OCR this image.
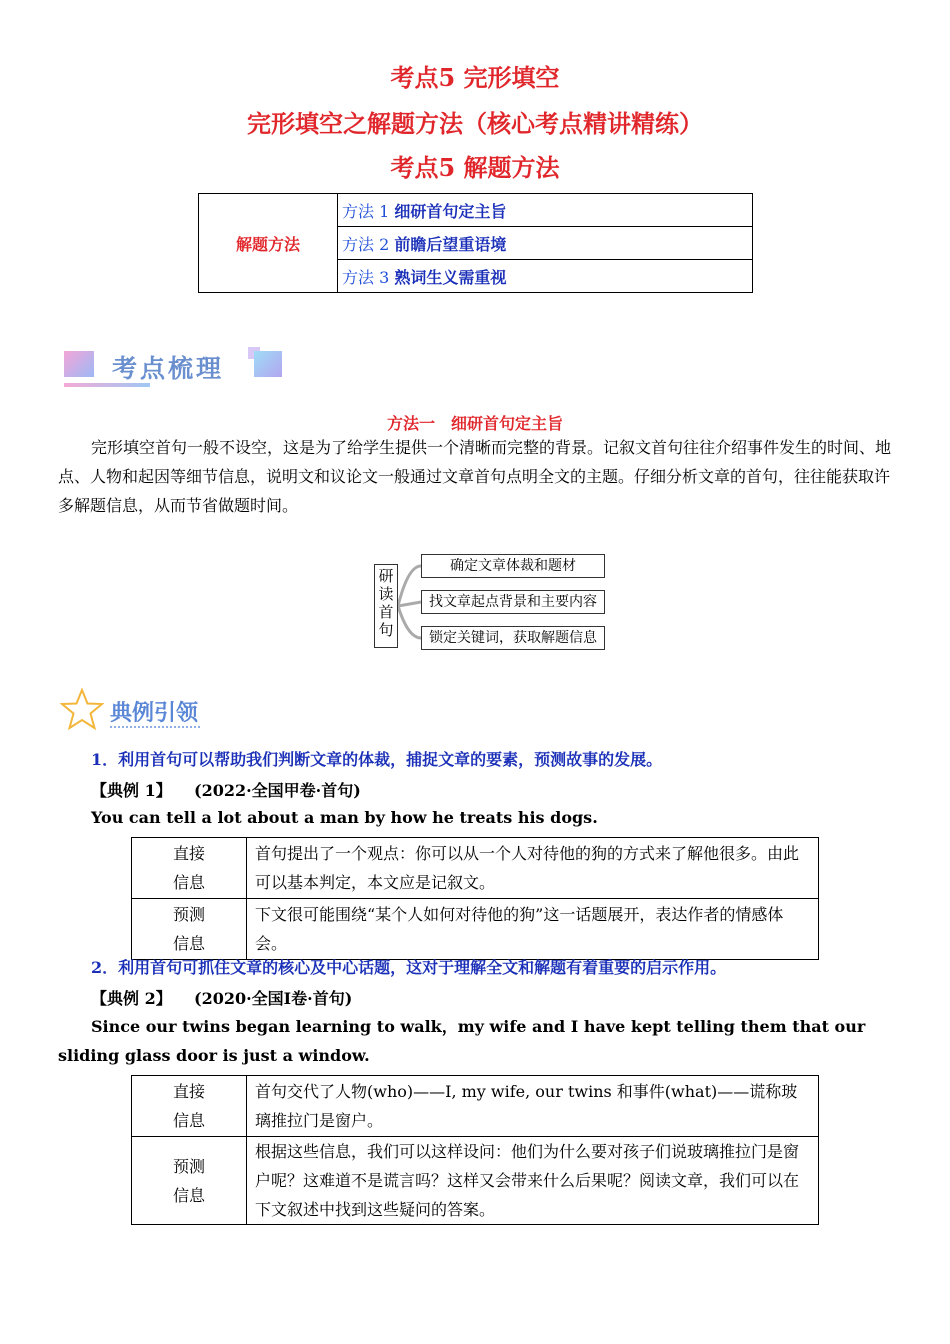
考点5 完形填空
完形填空之解题方法（核心考点精讲精练）
考点5 解题方法
解题方法	方法 1 细研首句定主旨
方法 2 前瞻后望重语境
方法 3 熟词生义需重视
考点梳理
方法一　细研首句定主旨
完形填空首句一般不设空，这是为了给学生提供一个清晰而完整的背景。记叙文首句往往介绍事件发生的时间、地点、人物和起因等细节信息，说明文和议论文一般通过文章首句点明全文的主题。仔细分析文章的首句，往往能获取许多解题信息，从而节省做题时间。
研读首句
确定文章体裁和题材
找文章起点背景和主要内容
锁定关键词，获取解题信息
典例引领
1．利用首句可以帮助我们判断文章的体裁，捕捉文章的要素，预测故事的发展。
【典例 1】 (2022·全国甲卷·首句)
You can tell a lot about a man by how he treats his dogs.
直接
信息	首句提出了一个观点：你可以从一个人对待他的狗的方式来了解他很多。由此可以基本判定，本文应是记叙文。
预测
信息	下文很可能围绕“某个人如何对待他的狗”这一话题展开，表达作者的情感体会。
2．利用首句可抓住文章的核心及中心话题，这对于理解全文和解题有着重要的启示作用。
【典例 2】 (2020·全国Ⅰ卷·首句)
Since our twins began learning to walk，my wife and I have kept telling them that our sliding glass door is just a window.
直接
信息	首句交代了人物(who)——I, my wife, our twins 和事件(what)——谎称玻璃推拉门是窗户。
预测
信息	根据这些信息，我们可以这样设问：他们为什么要对孩子们说玻璃推拉门是窗户呢？这难道不是谎言吗？这样又会带来什么后果呢？阅读文章，我们可以在下文叙述中找到这些疑问的答案。
